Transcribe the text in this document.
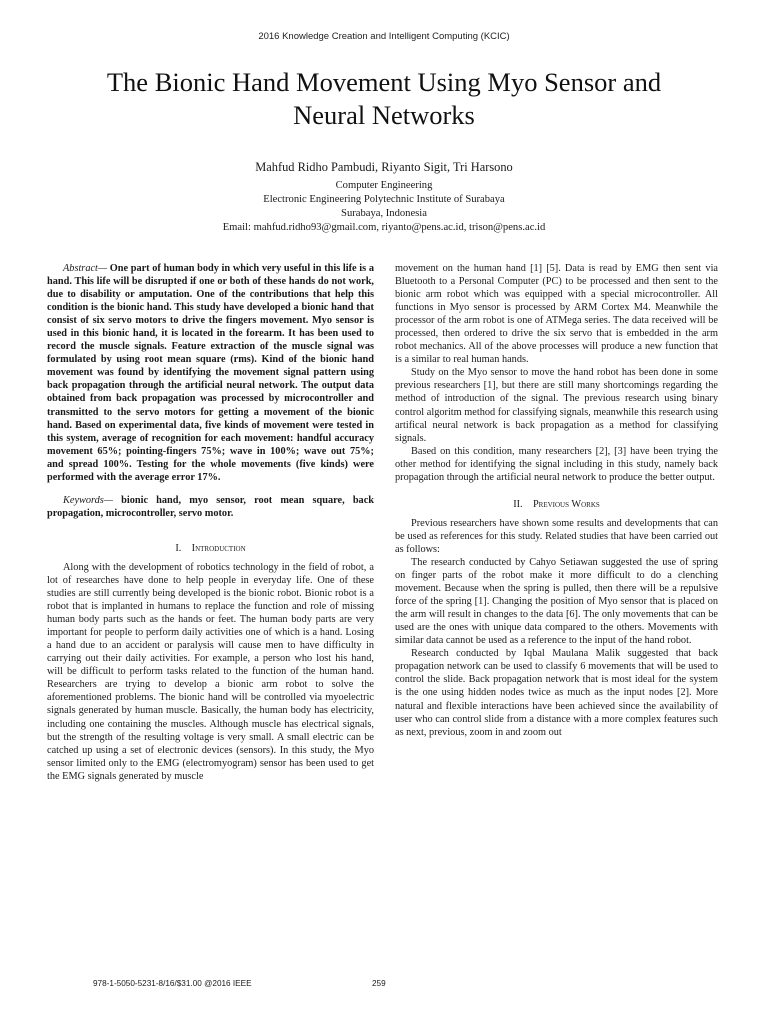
2016 Knowledge Creation and Intelligent Computing (KCIC)
The Bionic Hand Movement Using Myo Sensor and
Neural Networks
Mahfud Ridho Pambudi, Riyanto Sigit, Tri Harsono
Computer Engineering
Electronic Engineering Polytechnic Institute of Surabaya
Surabaya, Indonesia
Email: mahfud.ridho93@gmail.com, riyanto@pens.ac.id, trison@pens.ac.id

Abstract— One part of human body in which very useful in this life is a hand. This life will be disrupted if one or both of these hands do not work, due to disability or amputation. One of the contributions that help this condition is the bionic hand. This study have developed a bionic hand that consist of six servo motors to drive the fingers movement. Myo sensor is used in this bionic hand, it is located in the forearm. It has been used to record the muscle signals. Feature extraction of the muscle signal was formulated by using root mean square (rms). Kind of the bionic hand movement was found by identifying the movement signal pattern using back propagation through the artificial neural network. The output data obtained from back propagation was processed by microcontroller and transmitted to the servo motors for getting a movement of the bionic hand. Based on experimental data, five kinds of movement were tested in this system, average of recognition for each movement: handful accuracy movement 65%; pointing-fingers 75%; wave in 100%; wave out 75%; and spread 100%. Testing for the whole movements (five kinds) were performed with the average error 17%.

Keywords— bionic hand, myo sensor, root mean square, back propagation, microcontroller, servo motor.

I. Introduction

Along with the development of robotics technology in the field of robot, a lot of researches have done to help people in everyday life. One of these studies are still currently being developed is the bionic robot. Bionic robot is a robot that is implanted in humans to replace the function and role of missing human body parts such as the hands or feet. The human body parts are very important for people to perform daily activities one of which is a hand. Losing a hand due to an accident or paralysis will cause men to have difficulty in carrying out their daily activities. For example, a person who lost his hand, will be difficult to perform tasks related to the function of the human hand. Researchers are trying to develop a bionic arm robot to solve the aforementioned problems. The bionic hand will be controlled via myoelectric signals generated by human muscle. Basically, the human body has electricity, including one containing the muscles. Although muscle has electrical signals, but the strength of the resulting voltage is very small. A small electric can be catched up using a set of electronic devices (sensors). In this study, the Myo sensor limited only to the EMG (electromyogram) sensor has been used to get the EMG signals generated by muscle

movement on the human hand [1] [5]. Data is read by EMG then sent via Bluetooth to a Personal Computer (PC) to be processed and then sent to the bionic arm robot which was equipped with a special microcontroller. All functions in Myo sensor is processed by ARM Cortex M4. Meanwhile the processor of the arm robot is one of ATMega series. The data received will be processed, then ordered to drive the six servo that is embedded in the arm robot mechanics. All of the above processes will produce a new function that is a similar to real human hands.

Study on the Myo sensor to move the hand robot has been done in some previous researchers [1], but there are still many shortcomings regarding the method of introduction of the signal. The previous research using binary control algoritm method for classifying signals, meanwhile this research using artifical neural network is back propagation as a method for classifying signals.

Based on this condition, many researchers [2], [3] have been trying the other method for identifying the signal including in this study, namely back propagation through the artificial neural network to produce the better output.

II. Previous Works

Previous researchers have shown some results and developments that can be used as references for this study. Related studies that have been carried out as follows:

The research conducted by Cahyo Setiawan suggested the use of spring on finger parts of the robot make it more difficult to do a clenching movement. Because when the spring is pulled, then there will be a repulsive force of the spring [1]. Changing the position of Myo sensor that is placed on the arm will result in changes to the data [6]. The only movements that can be used are the ones with unique data compared to the others. Movements with similar data cannot be used as a reference to the input of the hand robot.

Research conducted by Iqbal Maulana Malik suggested that back propagation network can be used to classify 6 movements that will be used to control the slide. Back propagation network that is most ideal for the system is the one using hidden nodes twice as much as the input nodes [2]. More natural and flexible interactions have been achieved since the availability of user who can control slide from a distance with a more complex features such as next, previous, zoom in and zoom out

978-1-5050-5231-8/16/$31.00 @2016 IEEE	259
